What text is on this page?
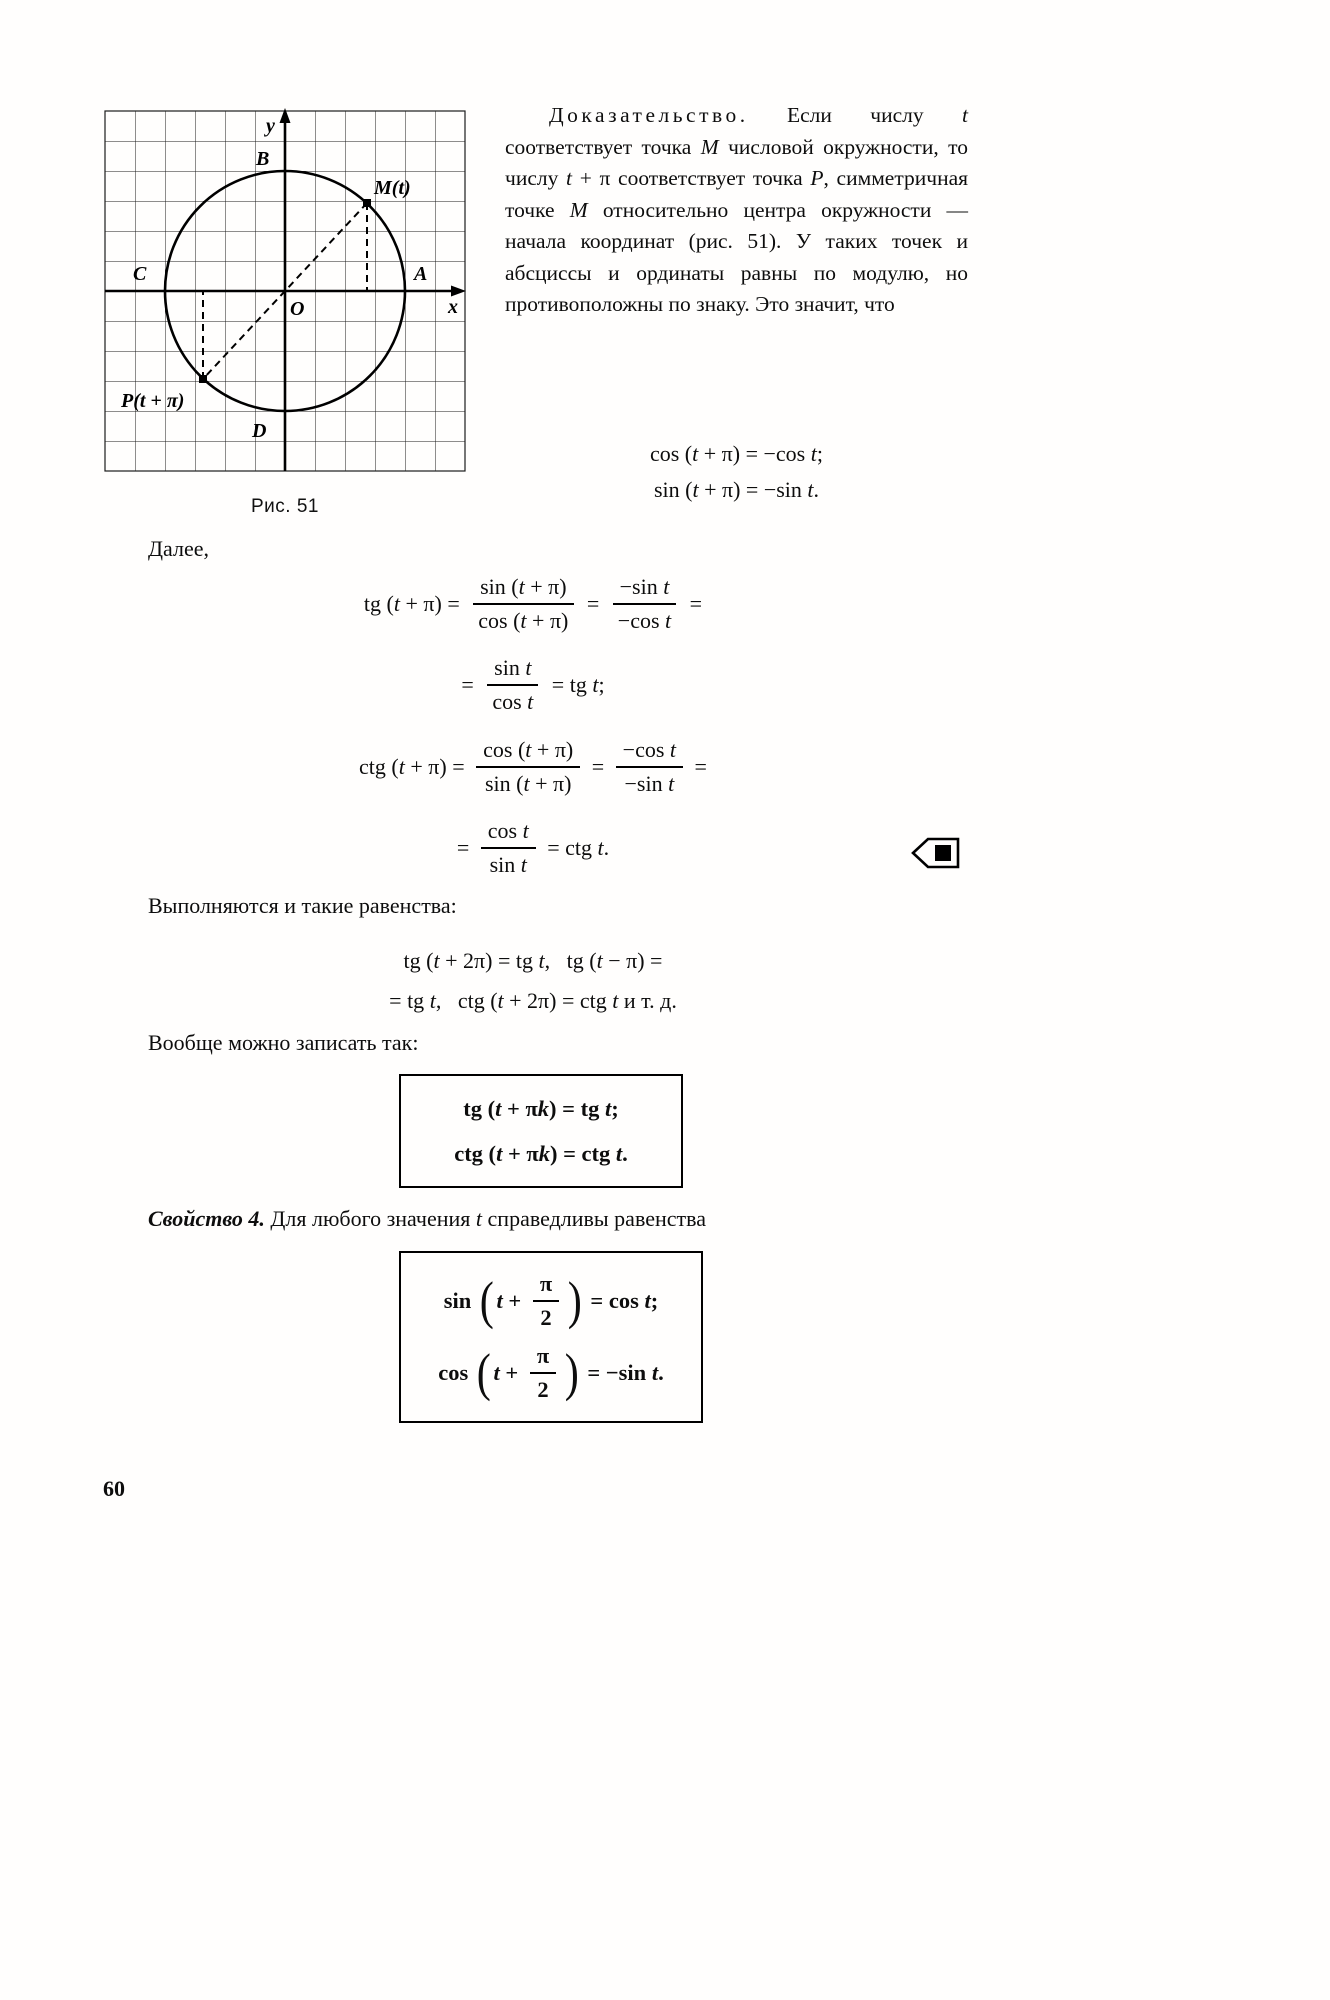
y
B
M(t)
C	A
O	x
P(t + π)
D
Рис. 51
Доказательство. Если числу t соответствует точка M числовой окружности, то числу t + π соответствует точка P, симметричная точке M относительно центра окружности — начала координат (рис. 51). У таких точек и абсциссы и ординаты равны по модулю, но противоположны по знаку. Это значит, что
cos ( t + π) = −cos t ;
sin ( t + π) = −sin t .
Далее,
tg ( $t + \pi) = \frac{\sin (t + \pi)}{\cos (t + \pi)} = \frac{\text{−sin t}}{\text{−cos t}}$ =
= $\frac{\text{sin t}}{\text{cos t}}$ = tg t ;
ctg ( $t + \pi) = \frac{\cos (t + \pi)}{\sin (t + \pi)} = \frac{\text{−cos t}}{\text{−sin t}}$ =
= $\frac{\text{cos t}}{\text{sin t}}$ = ctg t .
Выполняются и такие равенства:
tg ( t + 2π) = tg t ,   tg ( t − π) =
= tg t ,   ctg ( t + 2π) = ctg t и т. д.
Вообще можно записать так:
tg ( t + π k ) = tg t ;
ctg ( t + π k ) = ctg t .
Свойство 4. Для любого значения t справедливы равенства
sin ( $t + \frac{\pi}{2}$ ) = cos t ;
cos ( $t + \frac{\pi}{2}$ ) = −sin t .
60
